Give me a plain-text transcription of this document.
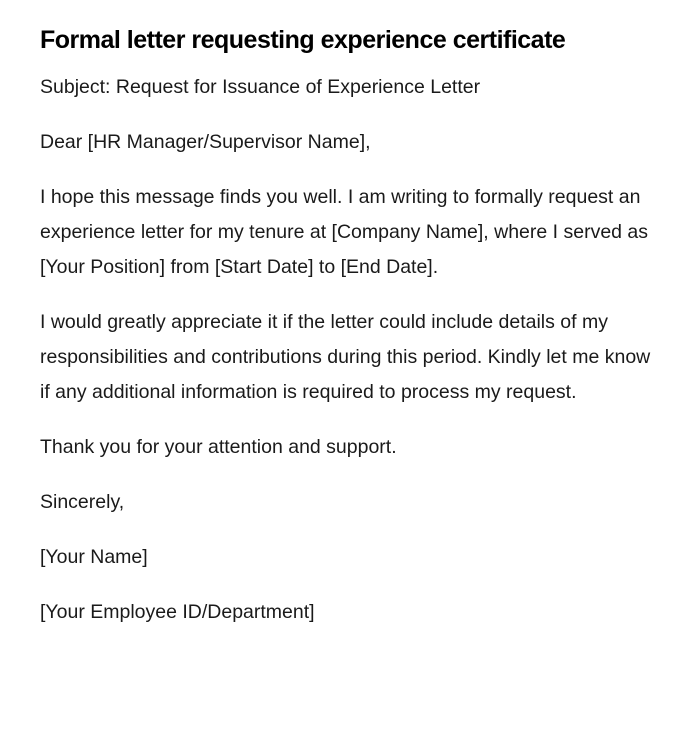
Formal letter requesting experience certificate

Subject: Request for Issuance of Experience Letter

Dear [HR Manager/Supervisor Name],

I hope this message finds you well. I am writing to formally request an experience letter for my tenure at [Company Name], where I served as [Your Position] from [Start Date] to [End Date].

I would greatly appreciate it if the letter could include details of my responsibilities and contributions during this period. Kindly let me know if any additional information is required to process my request.

Thank you for your attention and support.

Sincerely,

[Your Name]

[Your Employee ID/Department]
